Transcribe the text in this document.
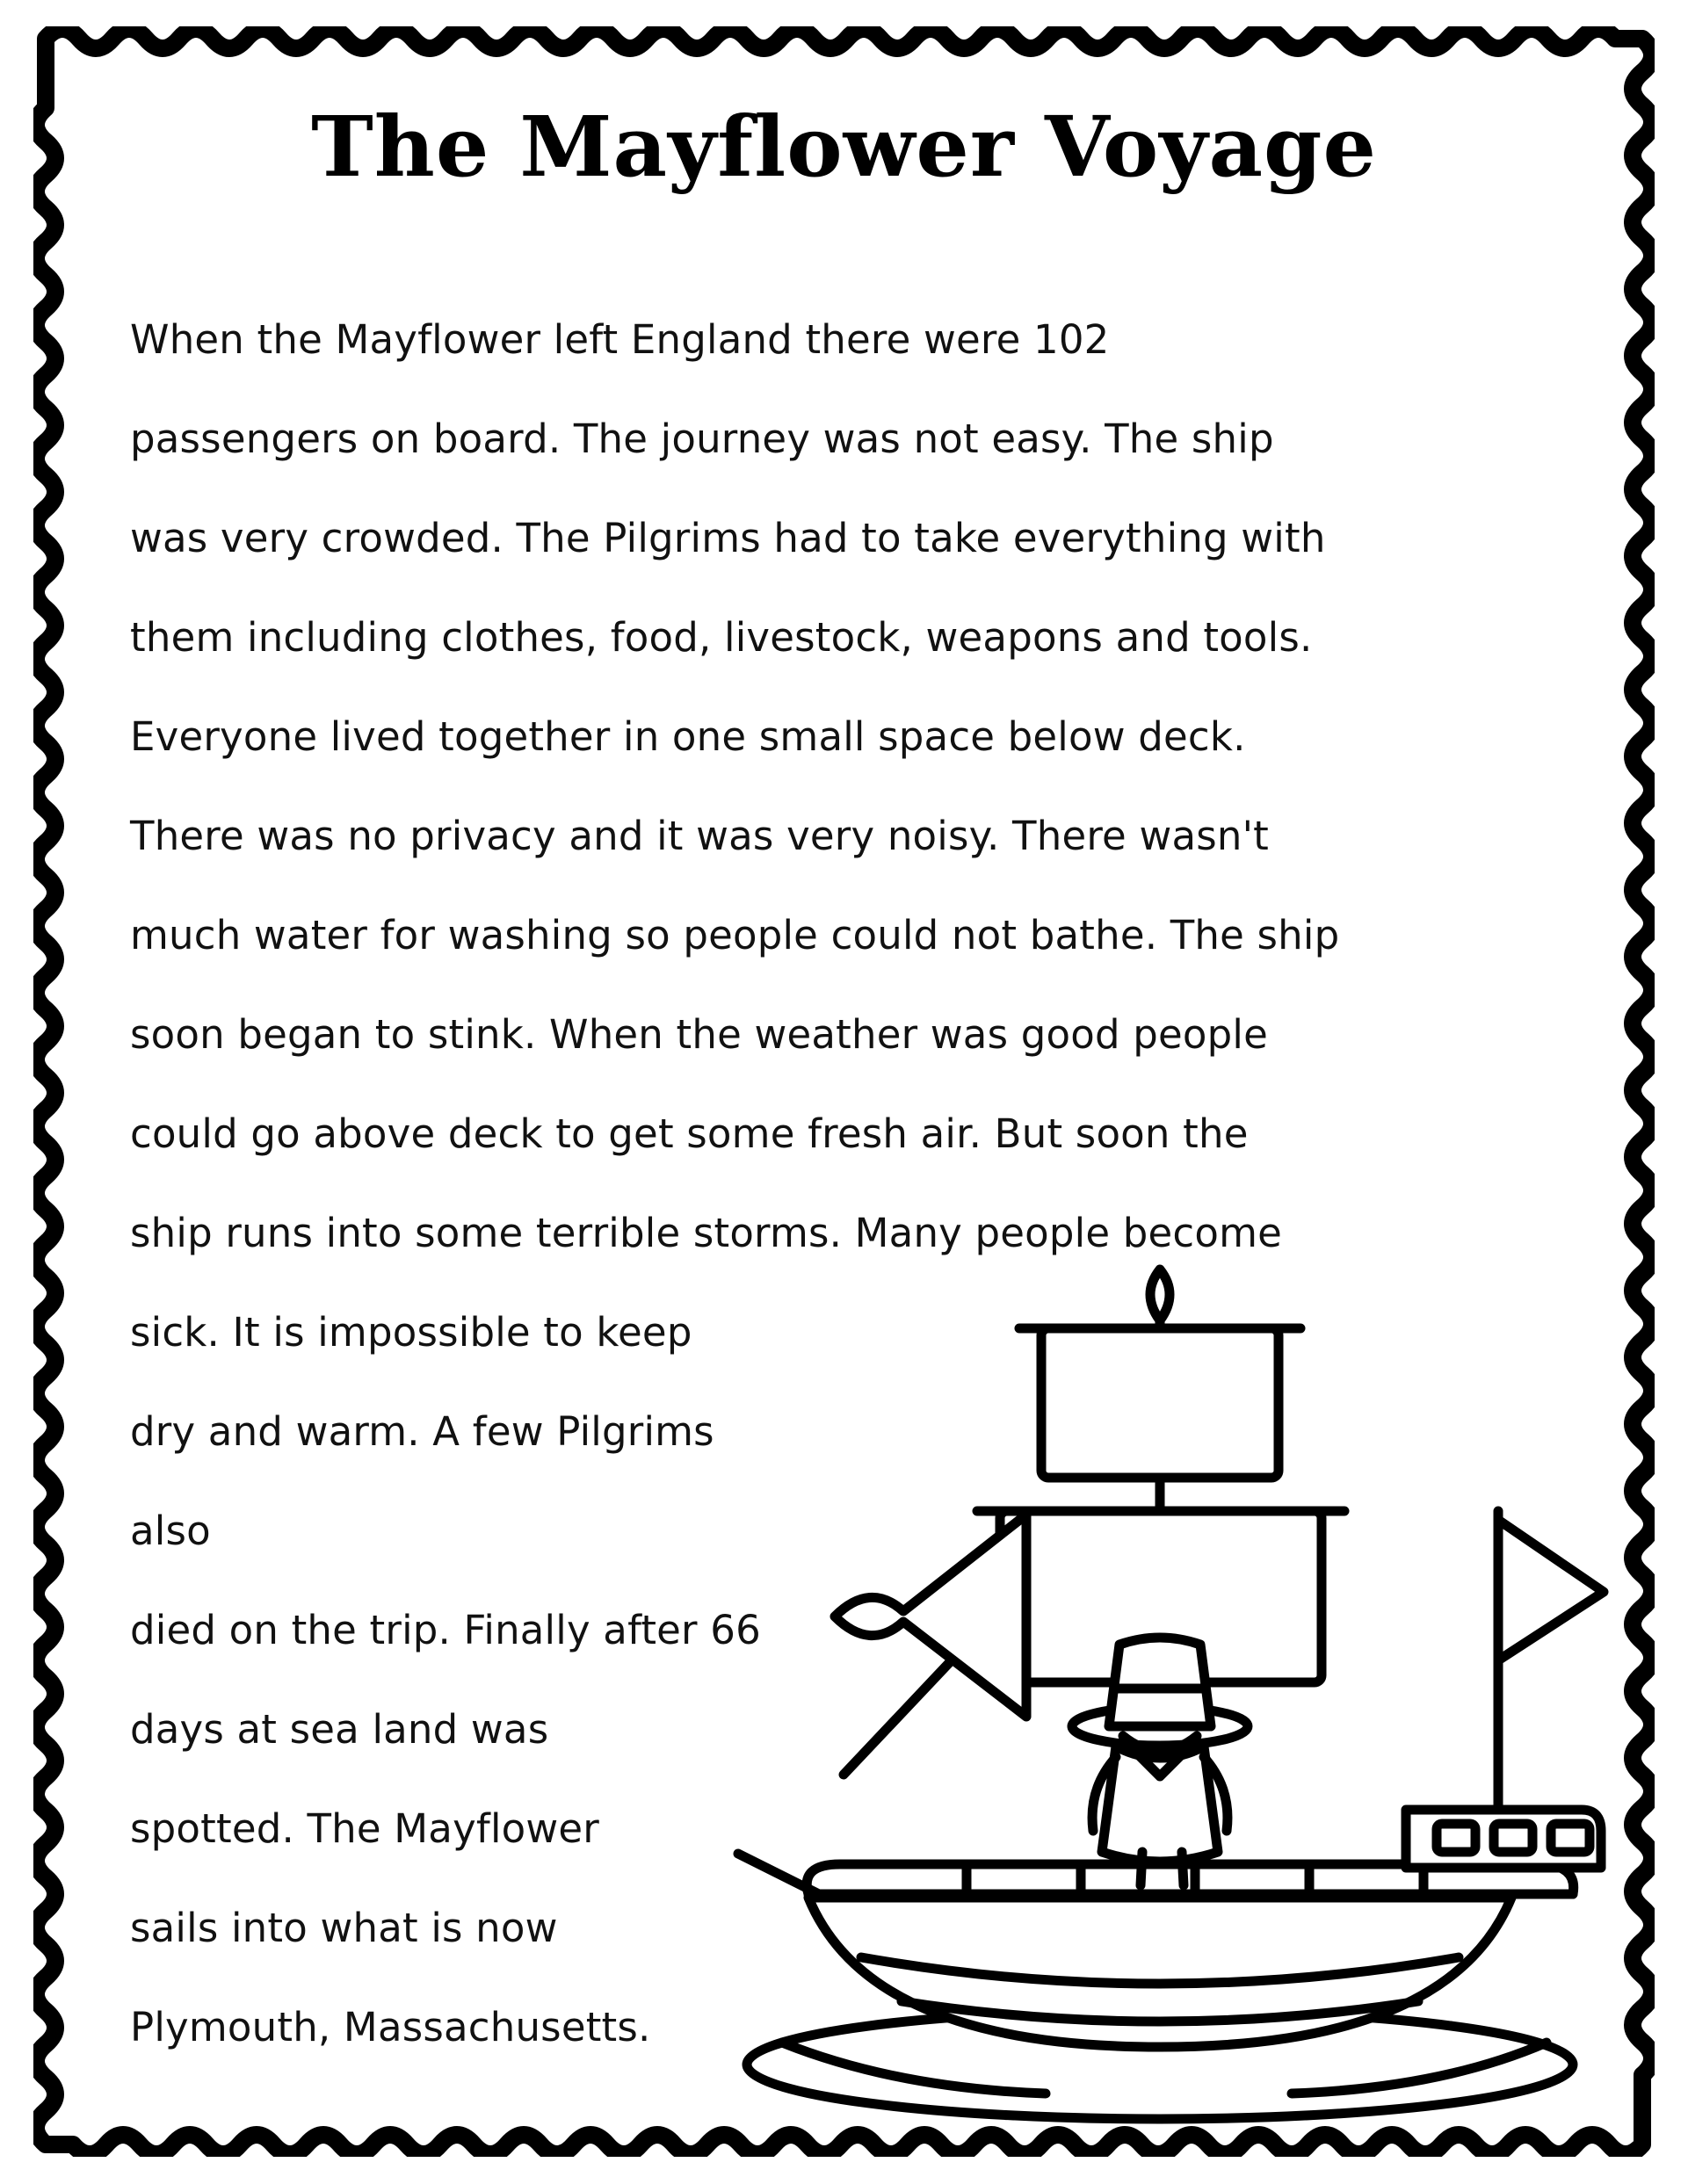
The Mayflower Voyage
When the Mayflower left England there were 102
passengers on board. The journey was not easy. The ship
was very crowded. The Pilgrims had to take everything with
them including clothes, food, livestock, weapons and tools.
Everyone lived together in one small space below deck.
There was no privacy and it was very noisy. There wasn't
much water for washing so people could not bathe. The ship
soon began to stink. When the weather was good people
could go above deck to get some fresh air. But soon the
ship runs into some terrible storms. Many people become
sick. It is impossible to keep
dry and warm. A few Pilgrims also
died on the trip. Finally after 66
days at sea land was
spotted. The Mayflower
sails into what is now
Plymouth, Massachusetts.
